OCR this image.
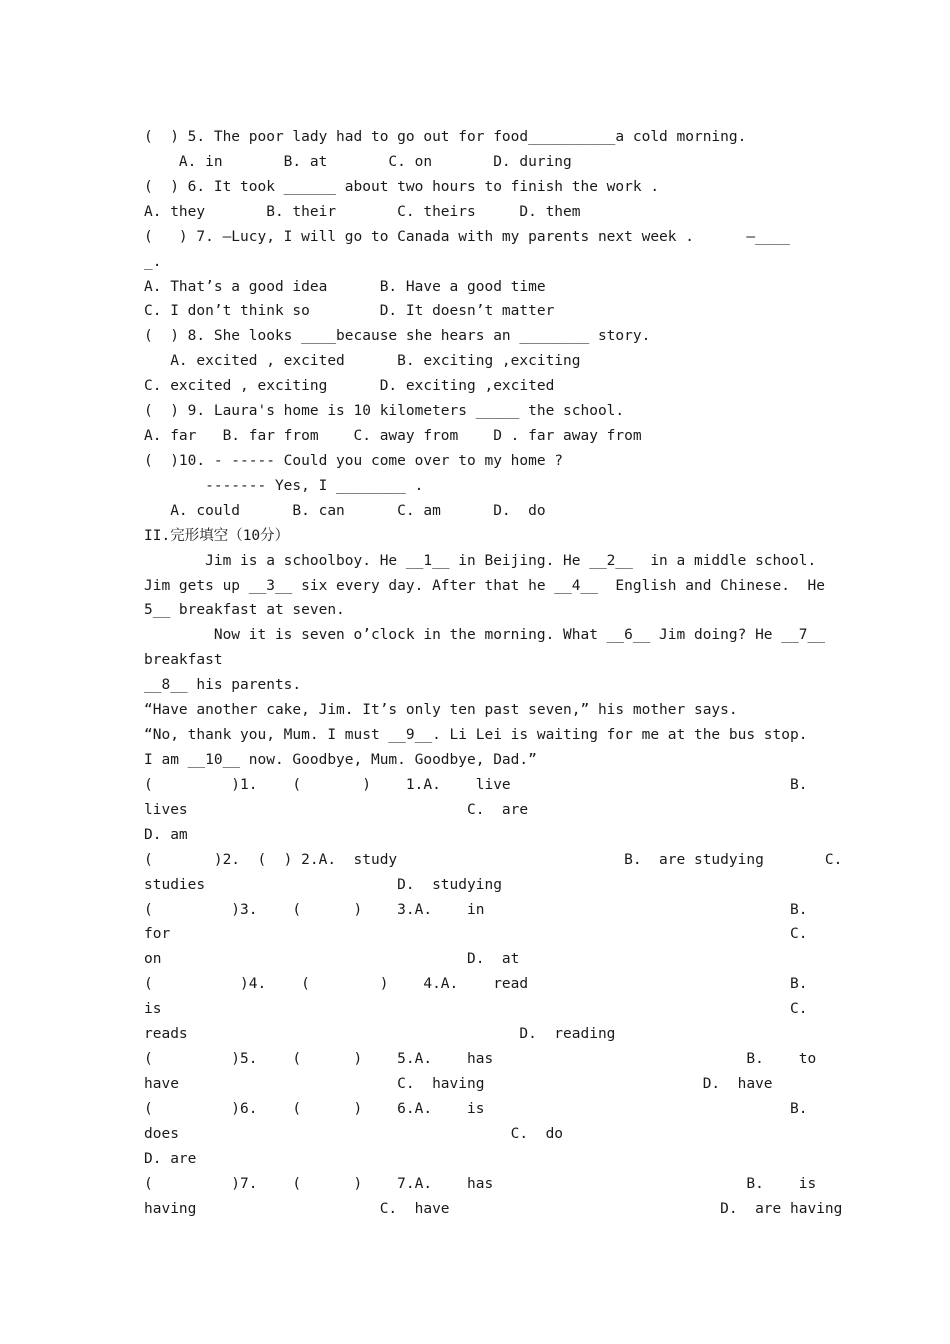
(  ) 5. The poor lady had to go out for food__________a cold morning.
A. in       B. at       C. on       D. during
(  ) 6. It took ______ about two hours to finish the work .
A. they       B. their       C. theirs     D. them
(   ) 7. —Lucy, I will go to Canada with my parents next week .      —____
_.
A. That’s a good idea      B. Have a good time
C. I don’t think so        D. It doesn’t matter
(  ) 8. She looks ____because she hears an ________ story.
A. excited , excited      B. exciting ,exciting
C. excited , exciting      D. exciting ,excited
(  ) 9. Laura's home is 10 kilometers _____ the school.
A. far   B. far from    C. away from    D . far away from
(  )10. - ----- Could you come over to my home ?
------- Yes, I ________ .
A. could      B. can      C. am      D.  do
II.完形填空（10分）
Jim is a schoolboy. He __1__ in Beijing. He __2__  in a middle school.
Jim gets up __3__ six every day. After that he __4__  English and Chinese.  He
5__ breakfast at seven.
Now it is seven o’clock in the morning. What __6__ Jim doing? He __7__
breakfast
__8__ his parents.
“Have another cake, Jim. It’s only ten past seven,” his mother says.
“No, thank you, Mum. I must __9__. Li Lei is waiting for me at the bus stop.
I am __10__ now. Goodbye, Mum. Goodbye, Dad.”
(         )1.    (       )    1.A.    live                                B.
lives                                C.  are
D. am
(       )2.  (  ) 2.A.  study                          B.  are studying       C.
studies                      D.  studying
(         )3.    (      )    3.A.    in                                   B.
for                                                                       C.
on                                   D.  at
(          )4.    (        )    4.A.    read                              B.
is                                                                        C.
reads                                      D.  reading
(         )5.    (      )    5.A.    has                             B.    to
have                         C.  having                         D.  have
(         )6.    (      )    6.A.    is                                   B.
does                                      C.  do
D. are
(         )7.    (      )    7.A.    has                             B.    is
having                     C.  have                               D.  are having
